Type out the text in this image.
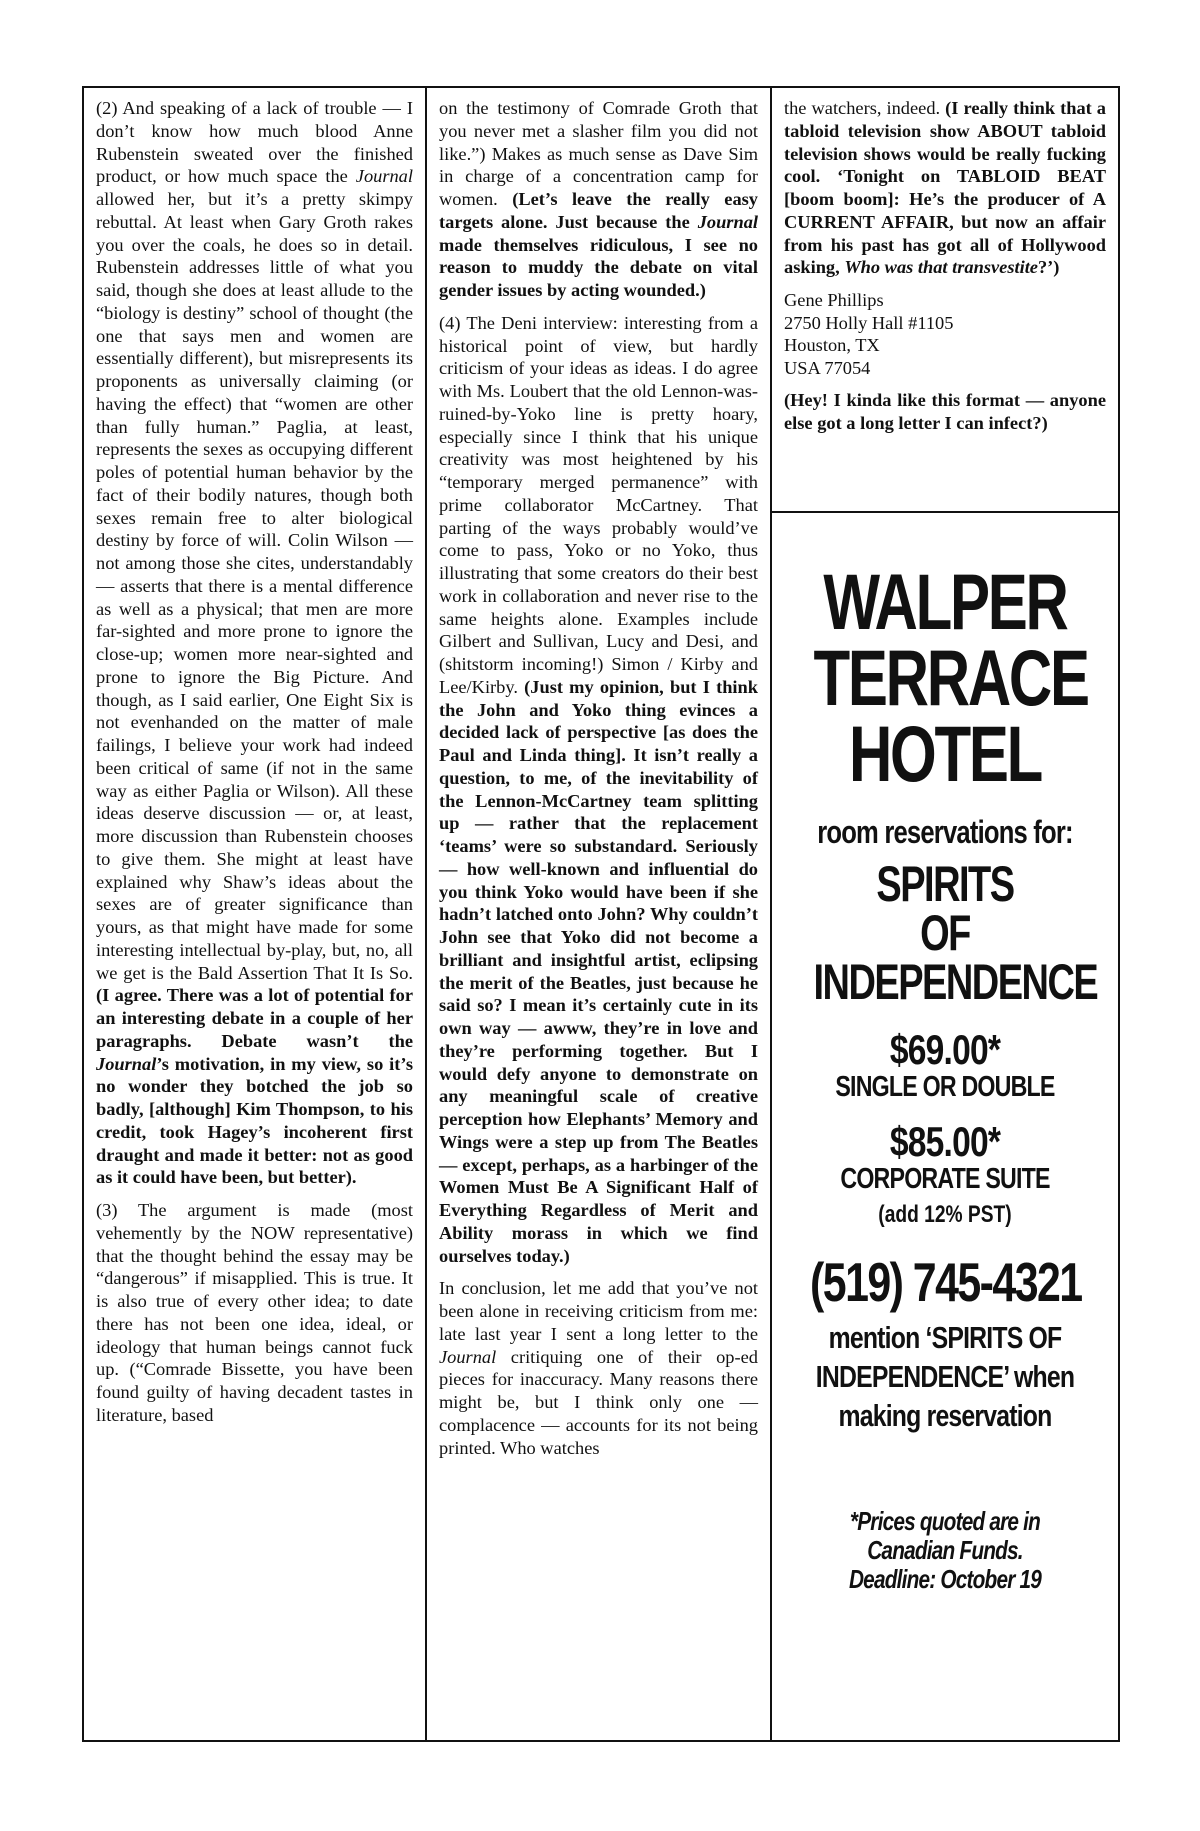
(2) And speaking of a lack of trouble — I don’t know how much blood Anne Rubenstein sweated over the finished product, or how much space the Journal allowed her, but it’s a pretty skimpy rebuttal. At least when Gary Groth rakes you over the coals, he does so in detail. Rubenstein addresses little of what you said, though she does at least allude to the “biology is destiny” school of thought (the one that says men and women are essentially different), but misrepresents its proponents as universally claiming (or having the effect) that “women are other than fully human.” Paglia, at least, represents the sexes as occupying different poles of potential human behavior by the fact of their bodily natures, though both sexes remain free to alter biological destiny by force of will. Colin Wilson — not among those she cites, understandably — asserts that there is a mental difference as well as a physical; that men are more far-sighted and more prone to ignore the close-up; women more near-sighted and prone to ignore the Big Picture. And though, as I said earlier, One Eight Six is not evenhanded on the matter of male failings, I believe your work had indeed been critical of same (if not in the same way as either Paglia or Wilson). All these ideas deserve discussion — or, at least, more discussion than Rubenstein chooses to give them. She might at least have explained why Shaw’s ideas about the sexes are of greater significance than yours, as that might have made for some interesting intellectual by-play, but, no, all we get is the Bald Assertion That It Is So. (I agree. There was a lot of potential for an interesting debate in a couple of her paragraphs. Debate wasn’t the Journal’s motivation, in my view, so it’s no wonder they botched the job so badly, [although] Kim Thompson, to his credit, took Hagey’s incoherent first draught and made it better: not as good as it could have been, but better).

(3) The argument is made (most vehemently by the NOW representative) that the thought behind the essay may be “dangerous” if misapplied. This is true. It is also true of every other idea; to date there has not been one idea, ideal, or ideology that human beings cannot fuck up. (“Comrade Bissette, you have been found guilty of having decadent tastes in literature, based

on the testimony of Comrade Groth that you never met a slasher film you did not like.”) Makes as much sense as Dave Sim in charge of a concentration camp for women. (Let’s leave the really easy targets alone. Just because the Journal made themselves ridiculous, I see no reason to muddy the debate on vital gender issues by acting wounded.)

(4) The Deni interview: interesting from a historical point of view, but hardly criticism of your ideas as ideas. I do agree with Ms. Loubert that the old Lennon-was-ruined-by-Yoko line is pretty hoary, especially since I think that his unique creativity was most heightened by his “temporary merged permanence” with prime collaborator McCartney. That parting of the ways probably would’ve come to pass, Yoko or no Yoko, thus illustrating that some creators do their best work in collaboration and never rise to the same heights alone. Examples include Gilbert and Sullivan, Lucy and Desi, and (shitstorm incoming!) Simon / Kirby and Lee/Kirby. (Just my opinion, but I think the John and Yoko thing evinces a decided lack of perspective [as does the Paul and Linda thing]. It isn’t really a question, to me, of the inevitability of the Lennon-McCartney team splitting up — rather that the replacement ‘teams’ were so substandard. Seriously — how well-known and influential do you think Yoko would have been if she hadn’t latched onto John? Why couldn’t John see that Yoko did not become a brilliant and insightful artist, eclipsing the merit of the Beatles, just because he said so? I mean it’s certainly cute in its own way — awww, they’re in love and they’re performing together. But I would defy anyone to demonstrate on any meaningful scale of creative perception how Elephants’ Memory and Wings were a step up from The Beatles — except, perhaps, as a harbinger of the Women Must Be A Significant Half of Everything Regardless of Merit and Ability morass in which we find ourselves today.)

In conclusion, let me add that you’ve not been alone in receiving criticism from me: late last year I sent a long letter to the Journal critiquing one of their op-ed pieces for inaccuracy. Many reasons there might be, but I think only one — complacence — accounts for its not being printed. Who watches

the watchers, indeed. (I really think that a tabloid television show ABOUT tabloid television shows would be really fucking cool. ‘Tonight on TABLOID BEAT [boom boom]: He’s the producer of A CURRENT AFFAIR, but now an affair from his past has got all of Hollywood asking, Who was that transvestite?’)

Gene Phillips
2750 Holly Hall #1105
Houston, TX
USA 77054

(Hey! I kinda like this format — anyone else got a long letter I can infect?)

WALPER
TERRACE
HOTEL
room reservations for:
SPIRITS
OF
INDEPENDENCE
$69.00*
SINGLE OR DOUBLE
$85.00*
CORPORATE SUITE
(add 12% PST)
(519) 745-4321
mention ‘SPIRITS OF
INDEPENDENCE’ when
making reservation
*Prices quoted are in
Canadian Funds.
Deadline: October 19
